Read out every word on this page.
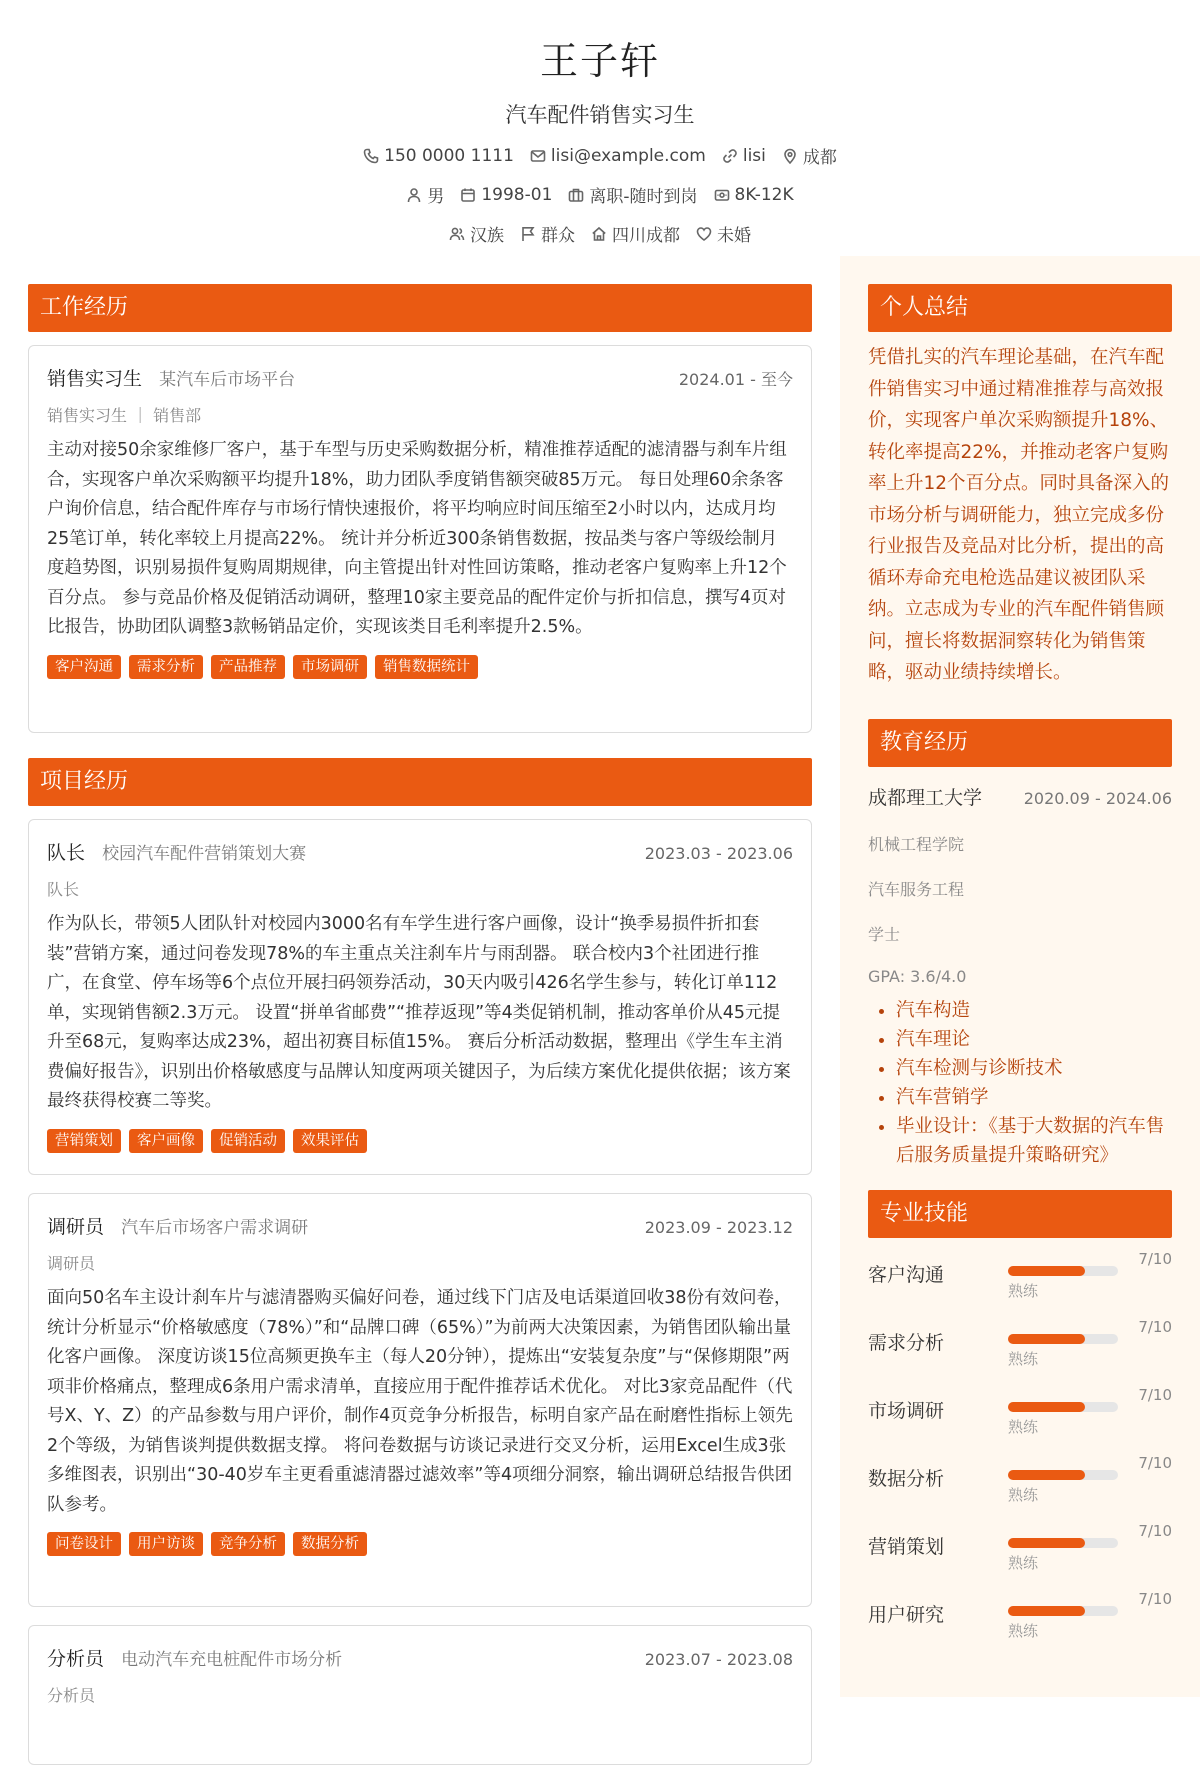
王子轩
汽车配件销售实习生
150 0000 1111 lisi@example.com lisi 成都
男 1998-01 离职-随时到岗 8K-12K
汉族 群众 四川成都 未婚
工作经历
销售实习生 某汽车后市场平台	2024.01 - 至今
销售实习生 ｜ 销售部
主动对接50余家维修厂客户，基于车型与历史采购数据分析，精准推荐适配的滤清器与刹车片组合，实现客户单次采购额平均提升18%，助力团队季度销售额突破85万元。 每日处理60余条客户询价信息，结合配件库存与市场行情快速报价，将平均响应时间压缩至2小时以内，达成月均25笔订单，转化率较上月提高22%。 统计并分析近300条销售数据，按品类与客户等级绘制月度趋势图，识别易损件复购周期规律，向主管提出针对性回访策略，推动老客户复购率上升12个百分点。 参与竞品价格及促销活动调研，整理10家主要竞品的配件定价与折扣信息，撰写4页对比报告，协助团队调整3款畅销品定价，实现该类目毛利率提升2.5%。
客户沟通	需求分析	产品推荐	市场调研	销售数据统计
项目经历
队长 校园汽车配件营销策划大赛	2023.03 - 2023.06
队长
作为队长，带领5人团队针对校园内3000名有车学生进行客户画像，设计“换季易损件折扣套装”营销方案，通过问卷发现78%的车主重点关注刹车片与雨刮器。 联合校内3个社团进行推广，在食堂、停车场等6个点位开展扫码领券活动，30天内吸引426名学生参与，转化订单112单，实现销售额2.3万元。 设置“拼单省邮费”“推荐返现”等4类促销机制，推动客单价从45元提升至68元，复购率达成23%，超出初赛目标值15%。 赛后分析活动数据，整理出《学生车主消费偏好报告》，识别出价格敏感度与品牌认知度两项关键因子，为后续方案优化提供依据；该方案最终获得校赛二等奖。
营销策划	客户画像	促销活动	效果评估
调研员 汽车后市场客户需求调研	2023.09 - 2023.12
调研员
面向50名车主设计刹车片与滤清器购买偏好问卷，通过线下门店及电话渠道回收38份有效问卷，统计分析显示“价格敏感度（78%）”和“品牌口碑（65%）”为前两大决策因素，为销售团队输出量化客户画像。 深度访谈15位高频更换车主（每人20分钟），提炼出“安装复杂度”与“保修期限”两项非价格痛点，整理成6条用户需求清单，直接应用于配件推荐话术优化。 对比3家竞品配件（代号X、Y、Z）的产品参数与用户评价，制作4页竞争分析报告，标明自家产品在耐磨性指标上领先2个等级，为销售谈判提供数据支撑。 将问卷数据与访谈记录进行交叉分析，运用Excel生成3张多维图表，识别出“30-40岁车主更看重滤清器过滤效率”等4项细分洞察，输出调研总结报告供团队参考。
问卷设计	用户访谈	竞争分析	数据分析
分析员 电动汽车充电桩配件市场分析	2023.07 - 2023.08
分析员
个人总结
凭借扎实的汽车理论基础，在汽车配件销售实习中通过精准推荐与高效报价，实现客户单次采购额提升18%、转化率提高22%，并推动老客户复购率上升12个百分点。同时具备深入的市场分析与调研能力，独立完成多份行业报告及竞品对比分析，提出的高循环寿命充电枪选品建议被团队采纳。立志成为专业的汽车配件销售顾问，擅长将数据洞察转化为销售策略，驱动业绩持续增长。
教育经历
成都理工大学	2020.09 - 2024.06
机械工程学院
汽车服务工程
学士
GPA: 3.6/4.0
• 汽车构造
• 汽车理论
• 汽车检测与诊断技术
• 汽车营销学
• 毕业设计：《基于大数据的汽车售后服务质量提升策略研究》
专业技能
客户沟通
7/10
熟练
需求分析
7/10
熟练
市场调研
7/10
熟练
数据分析
7/10
熟练
营销策划
7/10
熟练
用户研究
7/10
熟练
